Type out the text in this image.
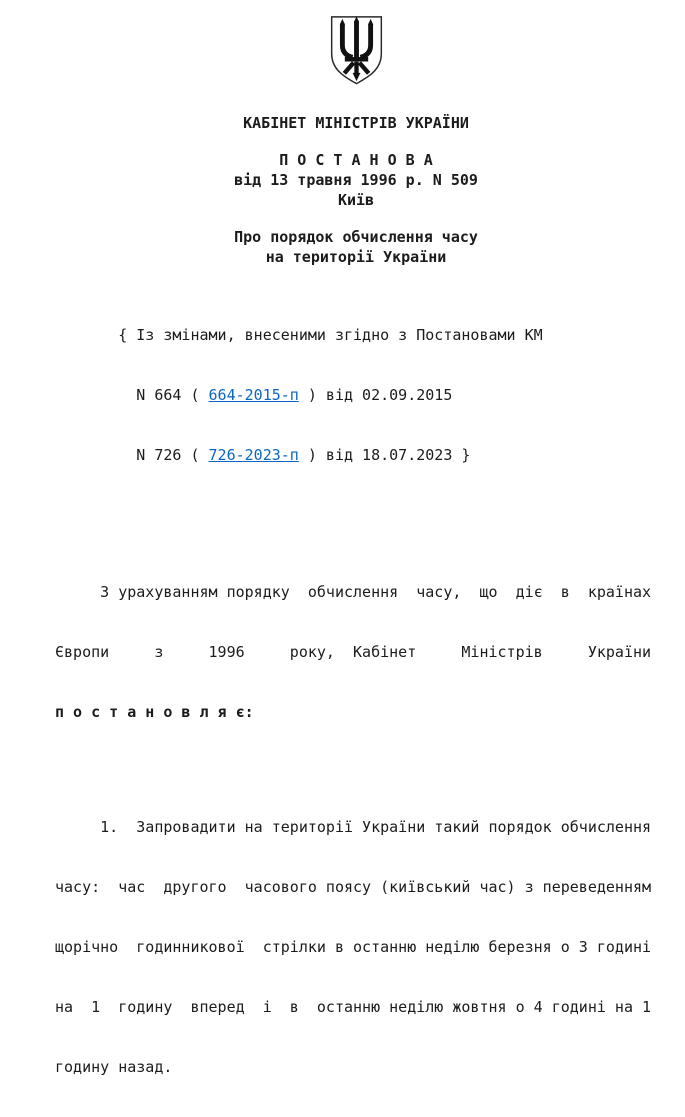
КАБІНЕТ МІНІСТРІВ УКРАЇНИ
П О С Т А Н О В А
від 13 травня 1996 р. N 509
Київ
Про порядок обчислення часу
на території України

{ Із змінами, внесеними згідно з Постановами КМ

N 664 ( 664-2015-п ) від 02.09.2015

N 726 ( 726-2023-п ) від 18.07.2023 }

З урахуванням порядку  обчислення  часу,  що  діє  в  країнах

Європи     з     1996     року,  Кабінет     Міністрів     України

п о с т а н о в л я є:

1.  Запровадити на території України такий порядок обчислення

часу:  час  другого  часового поясу (київський час) з переведенням

щорічно  годинникової  стрілки в останню неділю березня о 3 годині

на  1  годину  вперед  і  в  останню неділю жовтня о 4 годині на 1

годину назад.
